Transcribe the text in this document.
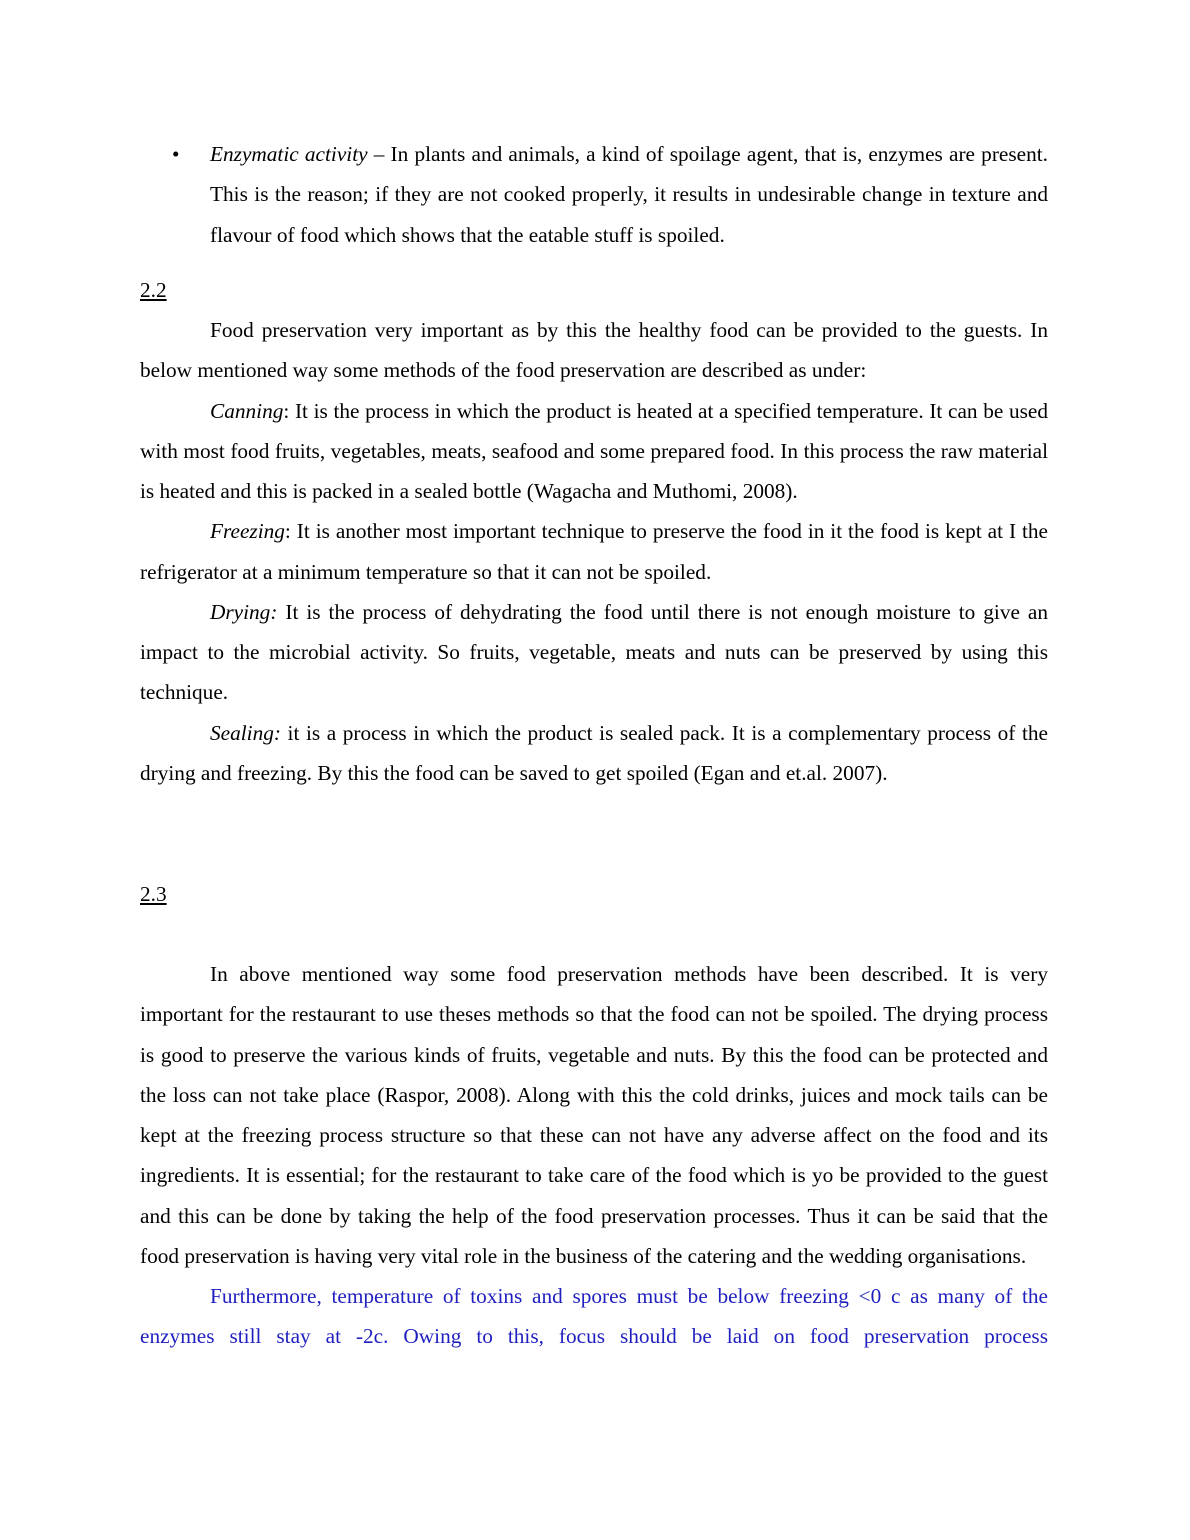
• Enzymatic activity – In plants and animals, a kind of spoilage agent, that is, enzymes are present. This is the reason; if they are not cooked properly, it results in undesirable change in texture and flavour of food which shows that the eatable stuff is spoiled.
2.2

Food preservation very important as by this the healthy food can be provided to the guests. In below mentioned way some methods of the food preservation are described as under:

Canning: It is the process in which the product is heated at a specified temperature. It can be used with most food fruits, vegetables, meats, seafood and some prepared food. In this process the raw material is heated and this is packed in a sealed bottle (Wagacha and Muthomi, 2008).

Freezing: It is another most important technique to preserve the food in it the food is kept at I the refrigerator at a minimum temperature so that it can not be spoiled.

Drying: It is the process of dehydrating the food until there is not enough moisture to give an impact to the microbial activity. So fruits, vegetable, meats and nuts can be preserved by using this technique.

Sealing: it is a process in which the product is sealed pack. It is a complementary process of the drying and freezing. By this the food can be saved to get spoiled (Egan and et.al. 2007).

2.3

In above mentioned way some food preservation methods have been described. It is very important for the restaurant to use theses methods so that the food can not be spoiled. The drying process is good to preserve the various kinds of fruits, vegetable and nuts. By this the food can be protected and the loss can not take place (Raspor, 2008). Along with this the cold drinks, juices and mock tails can be kept at the freezing process structure so that these can not have any adverse affect on the food and its ingredients. It is essential; for the restaurant to take care of the food which is yo be provided to the guest and this can be done by taking the help of the food preservation processes. Thus it can be said that the food preservation is having very vital role in the business of the catering and the wedding organisations.

Furthermore, temperature of toxins and spores must be below freezing <0 c as many of the enzymes still stay at -2c. Owing to this, focus should be laid on food preservation process
